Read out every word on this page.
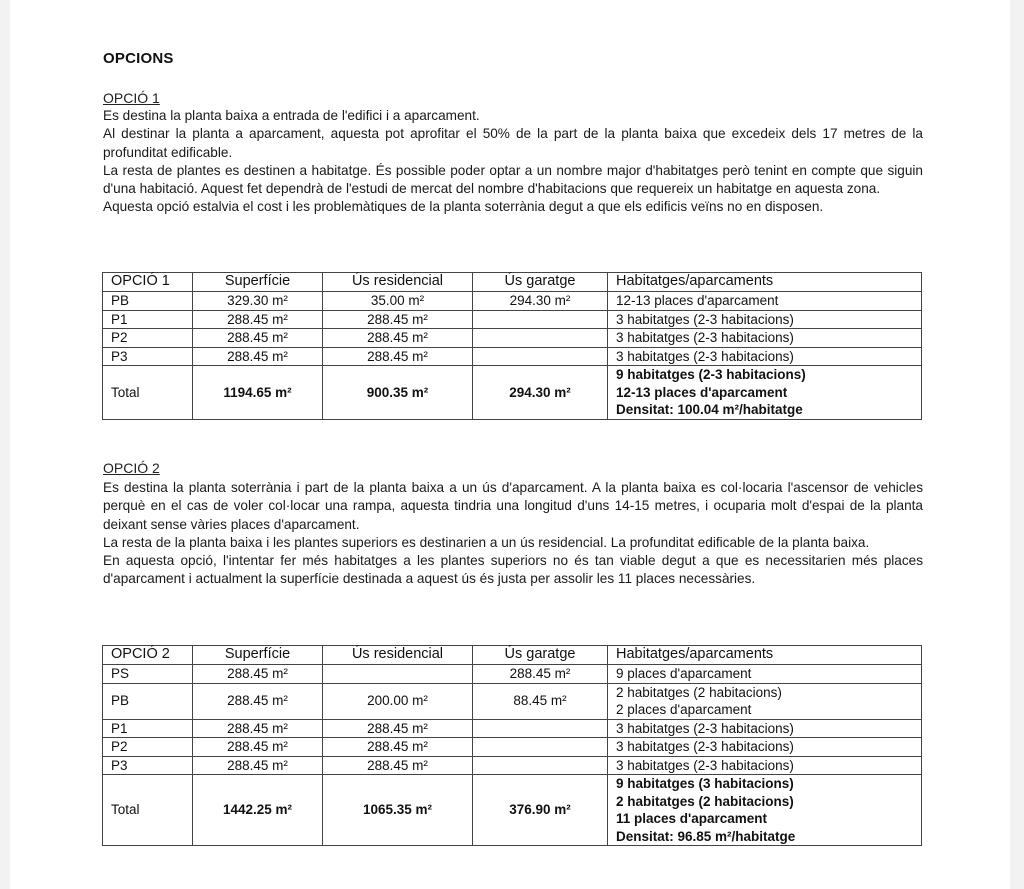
OPCIONS
OPCIÓ 1

Es destina la planta baixa a entrada de l'edifici i a aparcament.

Al destinar la planta a aparcament, aquesta pot aprofitar el 50% de la part de la planta baixa que excedeix dels 17 metres de la profunditat edificable.

La resta de plantes es destinen a habitatge. És possible poder optar a un nombre major d'habitatges però tenint en compte que siguin d'una habitació. Aquest fet dependrà de l'estudi de mercat del nombre d'habitacions que requereix un habitatge en aquesta zona.

Aquesta opció estalvia el cost i les problemàtiques de la planta soterrània degut a que els edificis veïns no en disposen.

OPCIÓ 1	Superfície	Ús residencial	Ús garatge	Habitatges/aparcaments
PB	329.30 m²	35.00 m²	294.30 m²	12-13 places d'aparcament

P1	288.45 m²	288.45 m²		3 habitatges (2-3 habitacions)

P2	288.45 m²	288.45 m²		3 habitatges (2-3 habitacions)

P3	288.45 m²	288.45 m²		3 habitatges (2-3 habitacions)

Total	1194.65 m²	900.35 m²	294.30 m²	9 habitatges (2-3 habitacions)
12-13 places d'aparcament
Densitat: 100.04 m²/habitatge
OPCIÓ 2

Es destina la planta soterrània i part de la planta baixa a un ús d'aparcament. A la planta baixa es col·locaria l'ascensor de vehicles perquè en el cas de voler col·locar una rampa, aquesta tindria una longitud d'uns 14-15 metres, i ocuparia molt d'espai de la planta deixant sense vàries places d'aparcament.

La resta de la planta baixa i les plantes superiors es destinarien a un ús residencial. La profunditat edificable de la planta baixa.

En aquesta opció, l'intentar fer més habitatges a les plantes superiors no és tan viable degut a que es necessitarien més places d'aparcament i actualment la superfície destinada a aquest ús és justa per assolir les 11 places necessàries.

OPCIÓ 2	Superfície	Ús residencial	Ús garatge	Habitatges/aparcaments
PS	288.45 m²		288.45 m²	9 places d'aparcament

PB	288.45 m²	200.00 m²	88.45 m²	2 habitatges (2 habitacions)
2 places d'aparcament

P1	288.45 m²	288.45 m²		3 habitatges (2-3 habitacions)

P2	288.45 m²	288.45 m²		3 habitatges (2-3 habitacions)

P3	288.45 m²	288.45 m²		3 habitatges (2-3 habitacions)

Total	1442.25 m²	1065.35 m²	376.90 m²	9 habitatges (3 habitacions)
2 habitatges (2 habitacions)
11 places d'aparcament
Densitat: 96.85 m²/habitatge
